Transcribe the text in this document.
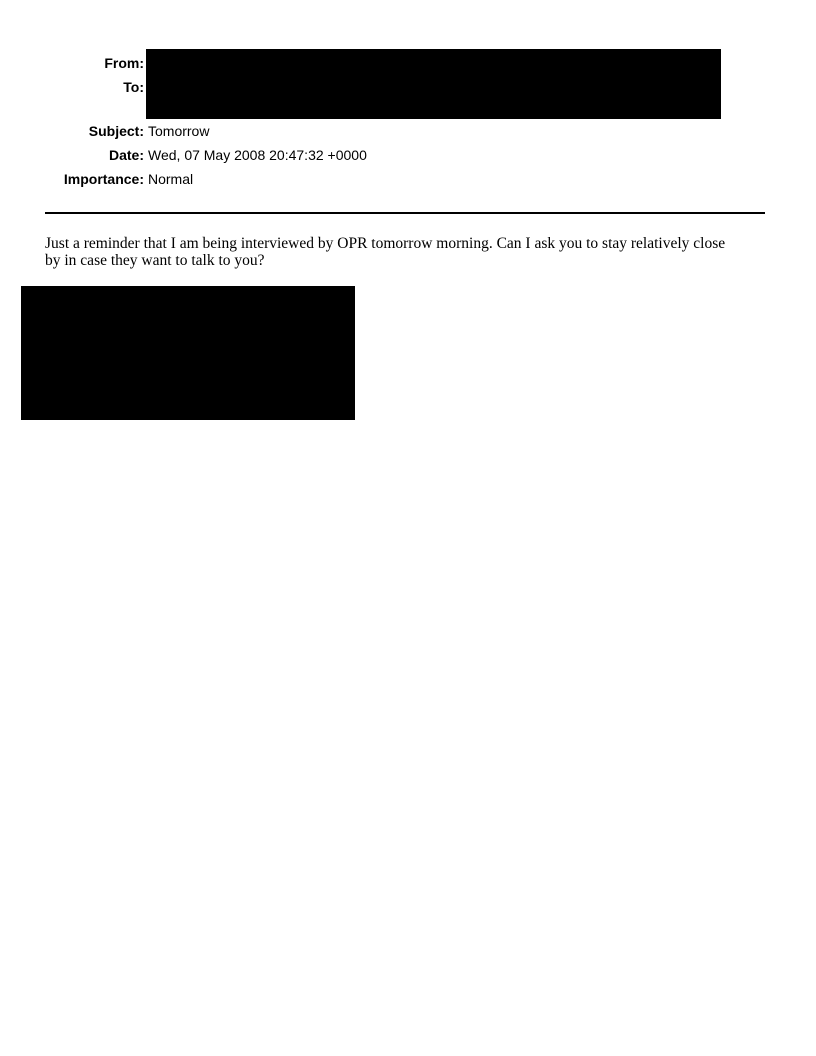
From:
To:
Subject: Tomorrow
Date: Wed, 07 May 2008 20:47:32 +0000
Importance: Normal
Just a reminder that I am being interviewed by OPR tomorrow morning. Can I ask you to stay relatively close
by in case they want to talk to you?
